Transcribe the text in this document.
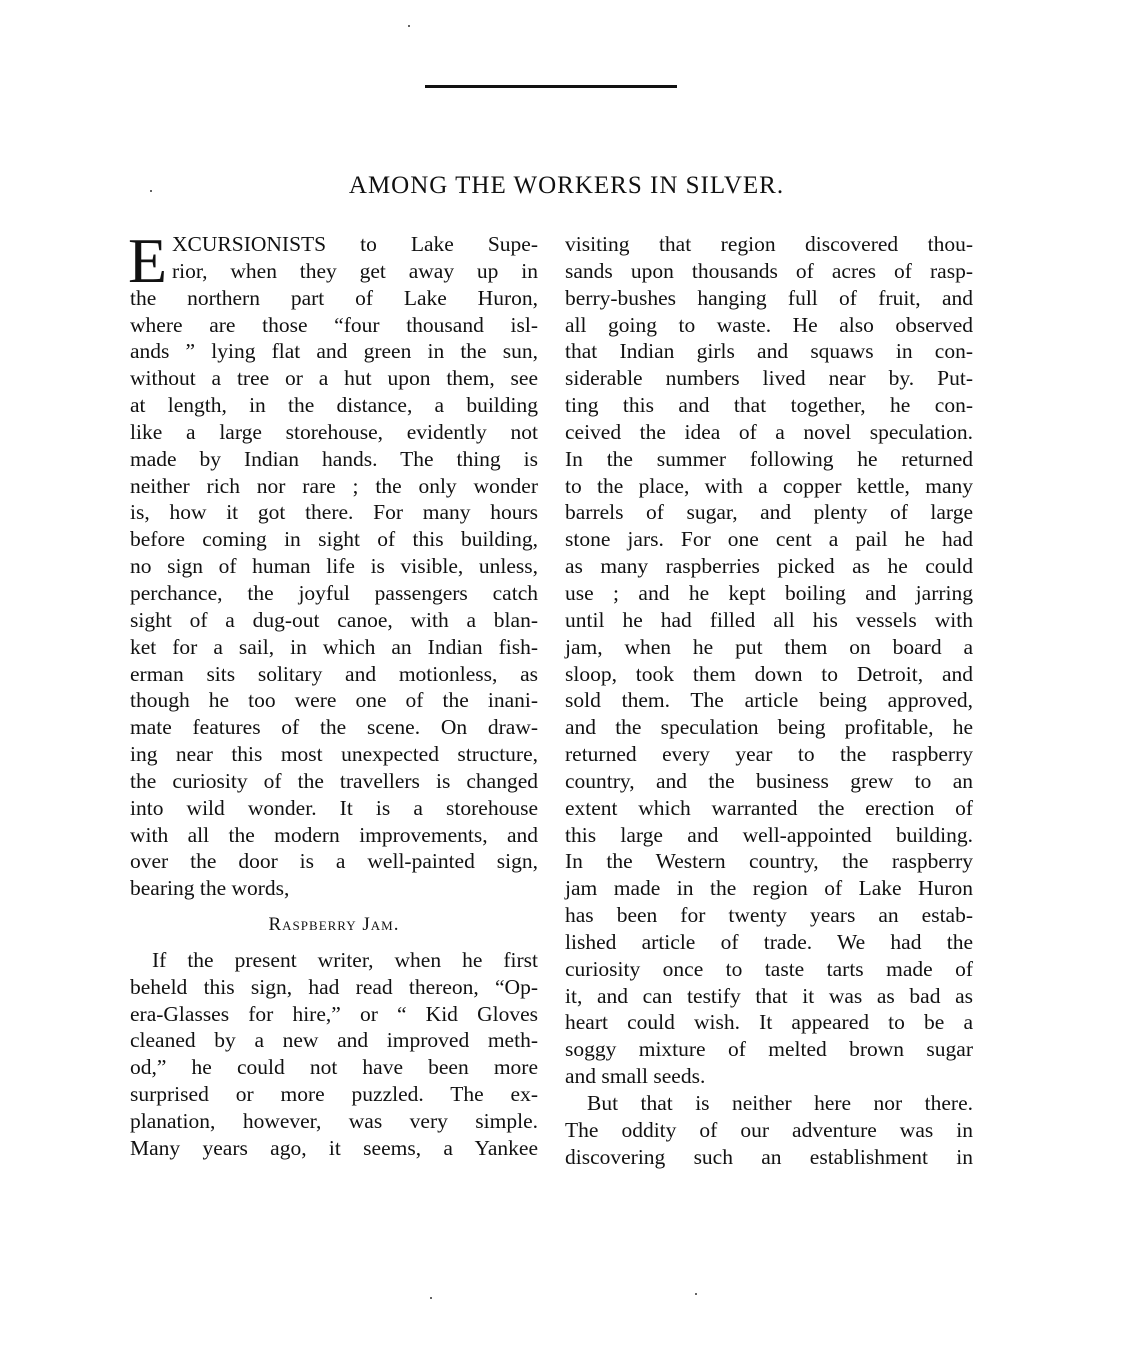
AMONG THE WORKERS IN SILVER.
E XCURSIONISTS to Lake Supe-
rior, when they get away up in
the northern part of Lake Huron,
where are those “four thousand isl-
ands ” lying flat and green in the sun,
without a tree or a hut upon them, see
at length, in the distance, a building
like a large storehouse, evidently not
made by Indian hands. The thing is
neither rich nor rare ; the only wonder
is, how it got there. For many hours
before coming in sight of this building,
no sign of human life is visible, unless,
perchance, the joyful passengers catch
sight of a dug-out canoe, with a blan-
ket for a sail, in which an Indian fish-
erman sits solitary and motionless, as
though he too were one of the inani-
mate features of the scene. On draw-
ing near this most unexpected structure,
the curiosity of the travellers is changed
into wild wonder. It is a storehouse
with all the modern improvements, and
over the door is a well-painted sign,
bearing the words,
Raspberry Jam.
If the present writer, when he first
beheld this sign, had read thereon, “Op-
era-Glasses for hire,” or “ Kid Gloves
cleaned by a new and improved meth-
od,” he could not have been more
surprised or more puzzled. The ex-
planation, however, was very simple.
Many years ago, it seems, a Yankee
visiting that region discovered thou-
sands upon thousands of acres of rasp-
berry-bushes hanging full of fruit, and
all going to waste. He also observed
that Indian girls and squaws in con-
siderable numbers lived near by. Put-
ting this and that together, he con-
ceived the idea of a novel speculation.
In the summer following he returned
to the place, with a copper kettle, many
barrels of sugar, and plenty of large
stone jars. For one cent a pail he had
as many raspberries picked as he could
use ; and he kept boiling and jarring
until he had filled all his vessels with
jam, when he put them on board a
sloop, took them down to Detroit, and
sold them. The article being approved,
and the speculation being profitable, he
returned every year to the raspberry
country, and the business grew to an
extent which warranted the erection of
this large and well-appointed building.
In the Western country, the raspberry
jam made in the region of Lake Huron
has been for twenty years an estab-
lished article of trade. We had the
curiosity once to taste tarts made of
it, and can testify that it was as bad as
heart could wish. It appeared to be a
soggy mixture of melted brown sugar
and small seeds.
But that is neither here nor there.
The oddity of our adventure was in
discovering such an establishment in
